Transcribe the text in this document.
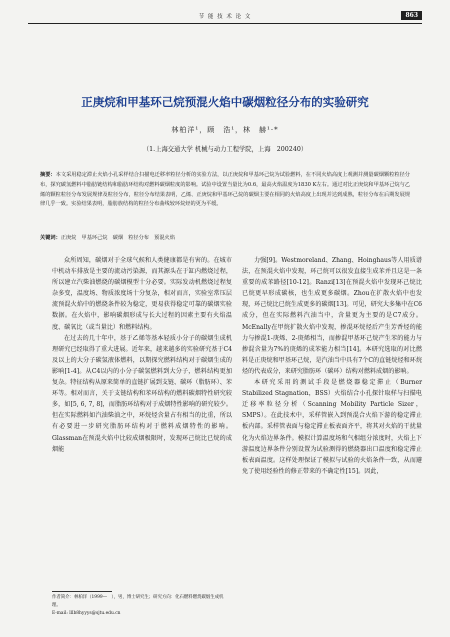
节 能 技 术 论 文	863
正庚烷和甲基环己烷预混火焰中碳烟粒径分布的实验研究
林柏洋¹，顾　浩¹，林　赫¹·*
（1.上海交通大学 机械与动力工程学院，上海　200240）
摘要：本文采用稳定滞止火焰小孔采样结合扫描电迁移率粒径分析的实验方法，以正庚烷和甲基环己烷为试验燃料，在不同火焰高度上观测并测量碳烟颗粒粒径分布，探究碳氢燃料中脂肪链结构和脂肪环结构对燃料碳烟粒度的影响。试验中设置当量比为0.6，最高火焰温度为1830 K左右。通过对比正庚烷和甲基环己烷与乙烯的颗粒粒径分布发展规律及粒径分布，粒径分布结果表明，乙烯、正庚烷和甲基环己烷的碳烟主要在相同的火焰高度上出现并达到成熟，粒径分布在后期发展规律几乎一致。实验结果表明，脂肪族结构的粒径分布曲线较环烷烃的更为平缓。
关键词：正庚烷　甲基环己烷　碳烟　粒径分布　预混火焰

众所周知，碳烟对于全球气候和人类健康都是有害的。在城市中机动车排放是主要的流动污染源，而其源头在于缸内燃烧过程，所以建立汽柴油燃烧的碳烟模型十分必要。实际发动机燃烧过程复杂多变，温度场、物质浓度场十分复杂，相对而言，实验室常压层流预混火焰中的燃烧条件较为稳定，更易获得稳定可靠的碳烟实验数据。在火焰中，影响碳烟形成与长大过程的因素主要有火焰温度、碳氧比（或当量比）和燃料结构。

在过去的几十年中，基于乙烯等基本轻质小分子的碳烟生成机理研究已经取得了重大进展。近年来，越来越多的实验研究基于C4及以上的大分子碳氢液体燃料，以期探究燃料结构对于碳烟生成的影响[1-4]。从C4以内的小分子碳氢燃料到大分子，燃料结构更加复杂。特征结构从原来简单的直链扩展到支链、碳环（脂肪环）、苯环等。相对而言，关于支链结构和苯环结构的燃料碳烟特性研究较多，如[5, 6, 7, 8]，而脂肪环结构对于成烟特性影响的研究较少。但在实际燃料如汽油柴油之中，环烷烃含量占有相当的比重，所以有必要进一步研究脂肪环结构对于燃料成烟特性的影响。Glassman在预混火焰中比较成烟极限时，发现环己烷比已烷的成烟能

力强[9]。Westmoreland、Zhang、Hoinghaus等人用质谱法，在预混火焰中发现，环己烷可以很发直接生成苯并且这是一条重要的成苯路径[10-12]。Ranzi[13]在预混火焰中发现环己烷比已烷更早形成碳核，也生成更多碳烟。Zhou在扩散火焰中也发现，环己烷比已烷生成更多的碳烟[13]。可见，研究大多集中在C6成分，但在实际燃料汽油当中，含量更为主要的是C7成分。McEnally在甲烷扩散火焰中发现，掺混环烷烃后产生芳香烃的能力与掺混1-庚烯、2-庚烯相当，而掺混甲基环己烷产生苯的能力与掺混含量为7%的庚烯的成苯能力相当[14]。本研究选取的对比燃料是正庚烷和甲基环己烷，是汽油当中具有7个C的直链烷烃和环烷烃的代表成分，来研究脂肪环（碳环）结构对燃料成烟的影响。

本研究采用的测试手段是燃烧器稳定滞止（Burner Stabilized Stagnation，BSS）火焰结合小孔探针取样与扫描电迁移率粒径分析（Scanning Mobility Particle Sizer，SMPS）。在此技术中，采样管嵌入到预混合火焰下游的稳定滞止板内部。采样管表面与稳定滞止板表面齐平，将其对火焰的干扰量化为火焰边界条件。模拟计算温度场和气相组分浓度时，火焰上下游温度边界条件分别设置为试验测得的燃烧器出口温度和稳定滞止板表面温度。这样处理保证了模拟与试验的火焰条件一致，从而避免了使用经验性的修正带来的不确定性[15]。因此，

作者简介：林柏洋（1999—　），男，博士研究生；研究方向：化石燃料燃烧碳烟生成机理。
E-mail: lllb8hyyys@sjtu.edu.cn
